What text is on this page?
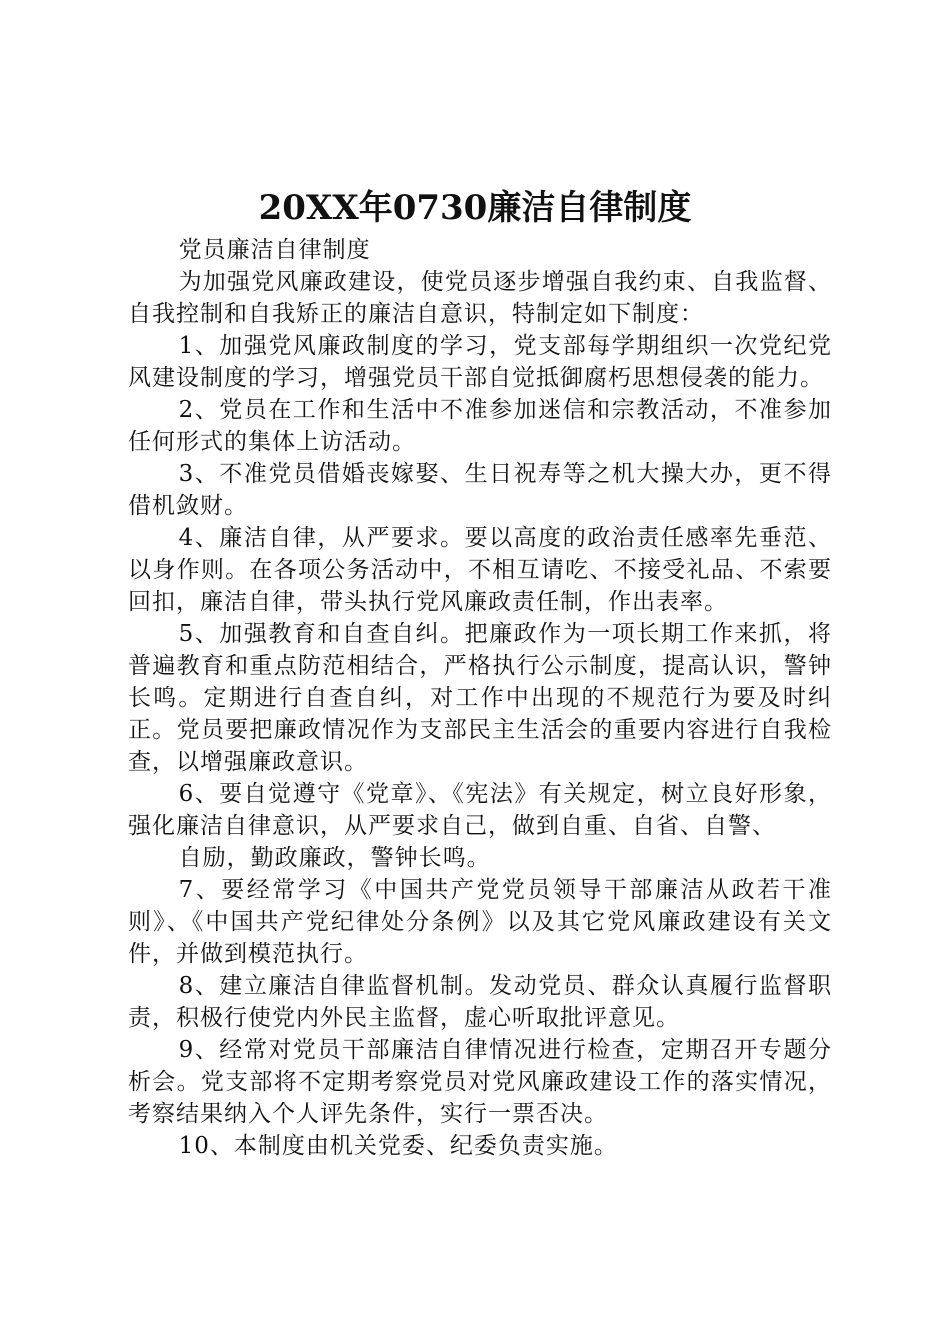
20XX年0730廉洁自律制度

党员廉洁自律制度

为加强党风廉政建设，使党员逐步增强自我约束、自我监督、自我控制和自我矫正的廉洁自意识，特制定如下制度：

1、加强党风廉政制度的学习，党支部每学期组织一次党纪党风建设制度的学习，增强党员干部自觉抵御腐朽思想侵袭的能力。

2、党员在工作和生活中不准参加迷信和宗教活动，不准参加任何形式的集体上访活动。

3、不准党员借婚丧嫁娶、生日祝寿等之机大操大办，更不得借机敛财。

4、廉洁自律，从严要求。要以高度的政治责任感率先垂范、以身作则。在各项公务活动中，不相互请吃、不接受礼品、不索要回扣，廉洁自律，带头执行党风廉政责任制，作出表率。

5、加强教育和自查自纠。把廉政作为一项长期工作来抓，将普遍教育和重点防范相结合，严格执行公示制度，提高认识，警钟长鸣。定期进行自查自纠，对工作中出现的不规范行为要及时纠正。党员要把廉政情况作为支部民主生活会的重要内容进行自我检查，以增强廉政意识。

6、要自觉遵守《党章》、《宪法》有关规定，树立良好形象，强化廉洁自律意识，从严要求自己，做到自重、自省、自警、

自励，勤政廉政，警钟长鸣。

7、要经常学习《中国共产党党员领导干部廉洁从政若干准则》、《中国共产党纪律处分条例》以及其它党风廉政建设有关文件，并做到模范执行。

8、建立廉洁自律监督机制。发动党员、群众认真履行监督职责，积极行使党内外民主监督，虚心听取批评意见。

9、经常对党员干部廉洁自律情况进行检查，定期召开专题分析会。党支部将不定期考察党员对党风廉政建设工作的落实情况，考察结果纳入个人评先条件，实行一票否决。

10、本制度由机关党委、纪委负责实施。
